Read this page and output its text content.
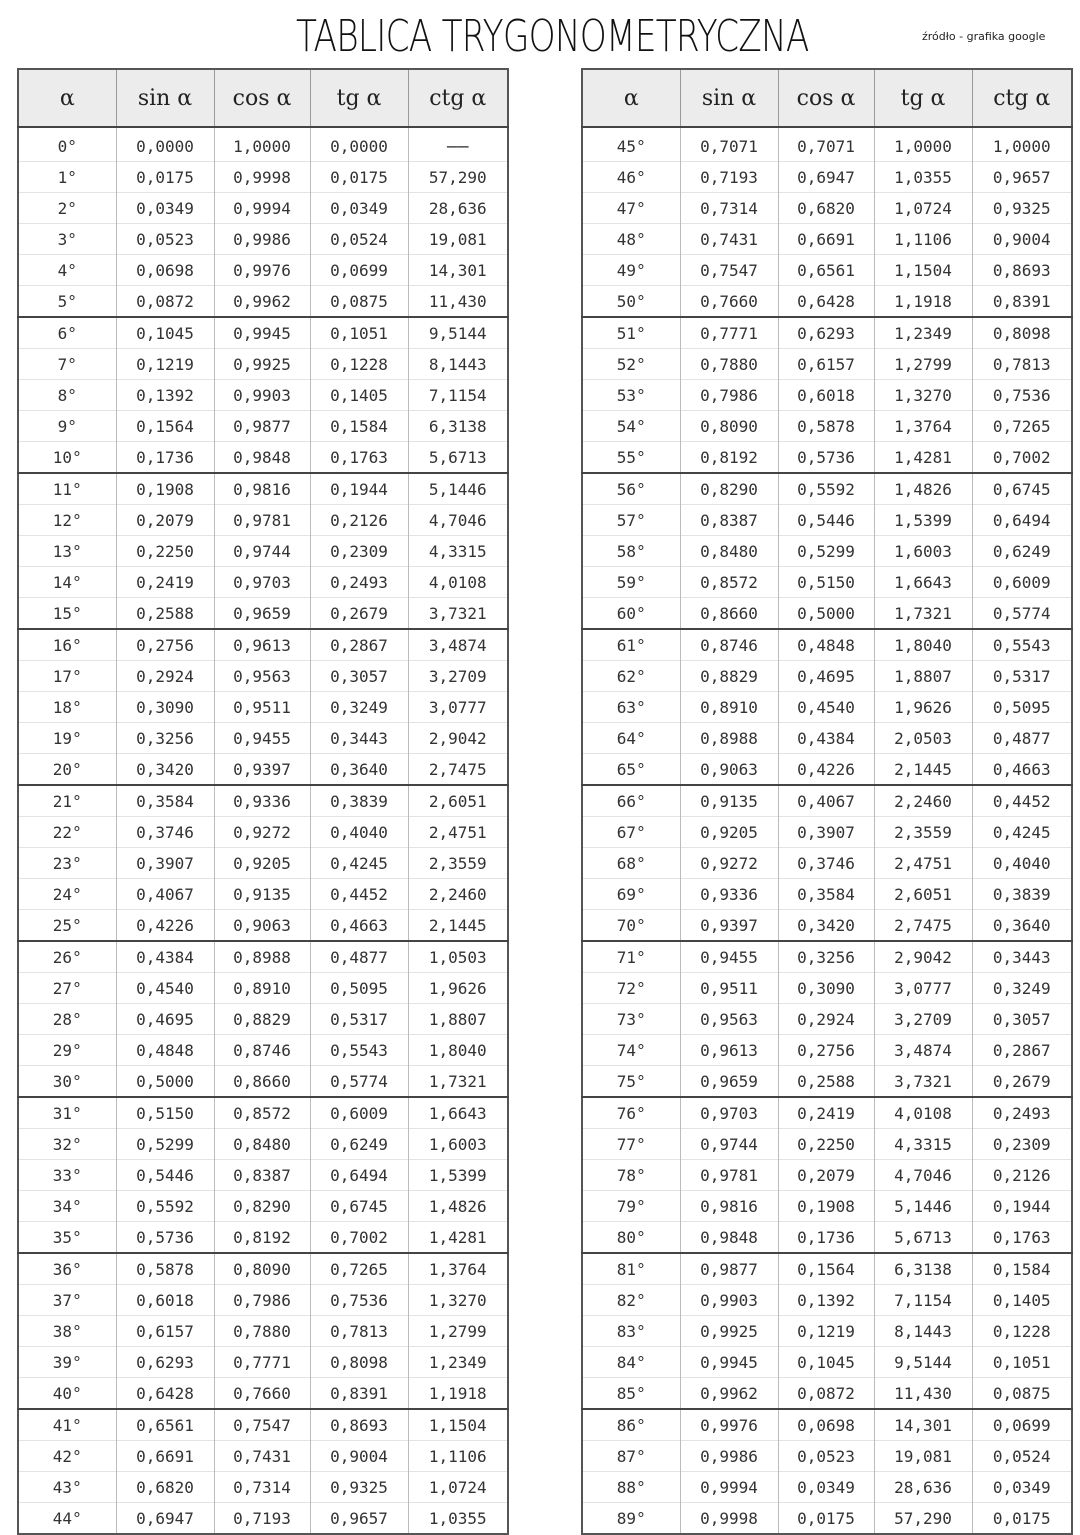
TABLICA TRYGONOMETRYCZNA	źródło - grafika google
α	sin α	cos α	tg α	ctg α
0°	0,0000	1,0000	0,0000	——
1°	0,0175	0,9998	0,0175	57,290
2°	0,0349	0,9994	0,0349	28,636
3°	0,0523	0,9986	0,0524	19,081
4°	0,0698	0,9976	0,0699	14,301
5°	0,0872	0,9962	0,0875	11,430
6°	0,1045	0,9945	0,1051	9,5144
7°	0,1219	0,9925	0,1228	8,1443
8°	0,1392	0,9903	0,1405	7,1154
9°	0,1564	0,9877	0,1584	6,3138
10°	0,1736	0,9848	0,1763	5,6713
11°	0,1908	0,9816	0,1944	5,1446
12°	0,2079	0,9781	0,2126	4,7046
13°	0,2250	0,9744	0,2309	4,3315
14°	0,2419	0,9703	0,2493	4,0108
15°	0,2588	0,9659	0,2679	3,7321
16°	0,2756	0,9613	0,2867	3,4874
17°	0,2924	0,9563	0,3057	3,2709
18°	0,3090	0,9511	0,3249	3,0777
19°	0,3256	0,9455	0,3443	2,9042
20°	0,3420	0,9397	0,3640	2,7475
21°	0,3584	0,9336	0,3839	2,6051
22°	0,3746	0,9272	0,4040	2,4751
23°	0,3907	0,9205	0,4245	2,3559
24°	0,4067	0,9135	0,4452	2,2460
25°	0,4226	0,9063	0,4663	2,1445
26°	0,4384	0,8988	0,4877	1,0503
27°	0,4540	0,8910	0,5095	1,9626
28°	0,4695	0,8829	0,5317	1,8807
29°	0,4848	0,8746	0,5543	1,8040
30°	0,5000	0,8660	0,5774	1,7321
31°	0,5150	0,8572	0,6009	1,6643
32°	0,5299	0,8480	0,6249	1,6003
33°	0,5446	0,8387	0,6494	1,5399
34°	0,5592	0,8290	0,6745	1,4826
35°	0,5736	0,8192	0,7002	1,4281
36°	0,5878	0,8090	0,7265	1,3764
37°	0,6018	0,7986	0,7536	1,3270
38°	0,6157	0,7880	0,7813	1,2799
39°	0,6293	0,7771	0,8098	1,2349
40°	0,6428	0,7660	0,8391	1,1918
41°	0,6561	0,7547	0,8693	1,1504
42°	0,6691	0,7431	0,9004	1,1106
43°	0,6820	0,7314	0,9325	1,0724
44°	0,6947	0,7193	0,9657	1,0355
α	sin α	cos α	tg α	ctg α
45°	0,7071	0,7071	1,0000	1,0000
46°	0,7193	0,6947	1,0355	0,9657
47°	0,7314	0,6820	1,0724	0,9325
48°	0,7431	0,6691	1,1106	0,9004
49°	0,7547	0,6561	1,1504	0,8693
50°	0,7660	0,6428	1,1918	0,8391
51°	0,7771	0,6293	1,2349	0,8098
52°	0,7880	0,6157	1,2799	0,7813
53°	0,7986	0,6018	1,3270	0,7536
54°	0,8090	0,5878	1,3764	0,7265
55°	0,8192	0,5736	1,4281	0,7002
56°	0,8290	0,5592	1,4826	0,6745
57°	0,8387	0,5446	1,5399	0,6494
58°	0,8480	0,5299	1,6003	0,6249
59°	0,8572	0,5150	1,6643	0,6009
60°	0,8660	0,5000	1,7321	0,5774
61°	0,8746	0,4848	1,8040	0,5543
62°	0,8829	0,4695	1,8807	0,5317
63°	0,8910	0,4540	1,9626	0,5095
64°	0,8988	0,4384	2,0503	0,4877
65°	0,9063	0,4226	2,1445	0,4663
66°	0,9135	0,4067	2,2460	0,4452
67°	0,9205	0,3907	2,3559	0,4245
68°	0,9272	0,3746	2,4751	0,4040
69°	0,9336	0,3584	2,6051	0,3839
70°	0,9397	0,3420	2,7475	0,3640
71°	0,9455	0,3256	2,9042	0,3443
72°	0,9511	0,3090	3,0777	0,3249
73°	0,9563	0,2924	3,2709	0,3057
74°	0,9613	0,2756	3,4874	0,2867
75°	0,9659	0,2588	3,7321	0,2679
76°	0,9703	0,2419	4,0108	0,2493
77°	0,9744	0,2250	4,3315	0,2309
78°	0,9781	0,2079	4,7046	0,2126
79°	0,9816	0,1908	5,1446	0,1944
80°	0,9848	0,1736	5,6713	0,1763
81°	0,9877	0,1564	6,3138	0,1584
82°	0,9903	0,1392	7,1154	0,1405
83°	0,9925	0,1219	8,1443	0,1228
84°	0,9945	0,1045	9,5144	0,1051
85°	0,9962	0,0872	11,430	0,0875
86°	0,9976	0,0698	14,301	0,0699
87°	0,9986	0,0523	19,081	0,0524
88°	0,9994	0,0349	28,636	0,0349
89°	0,9998	0,0175	57,290	0,0175
